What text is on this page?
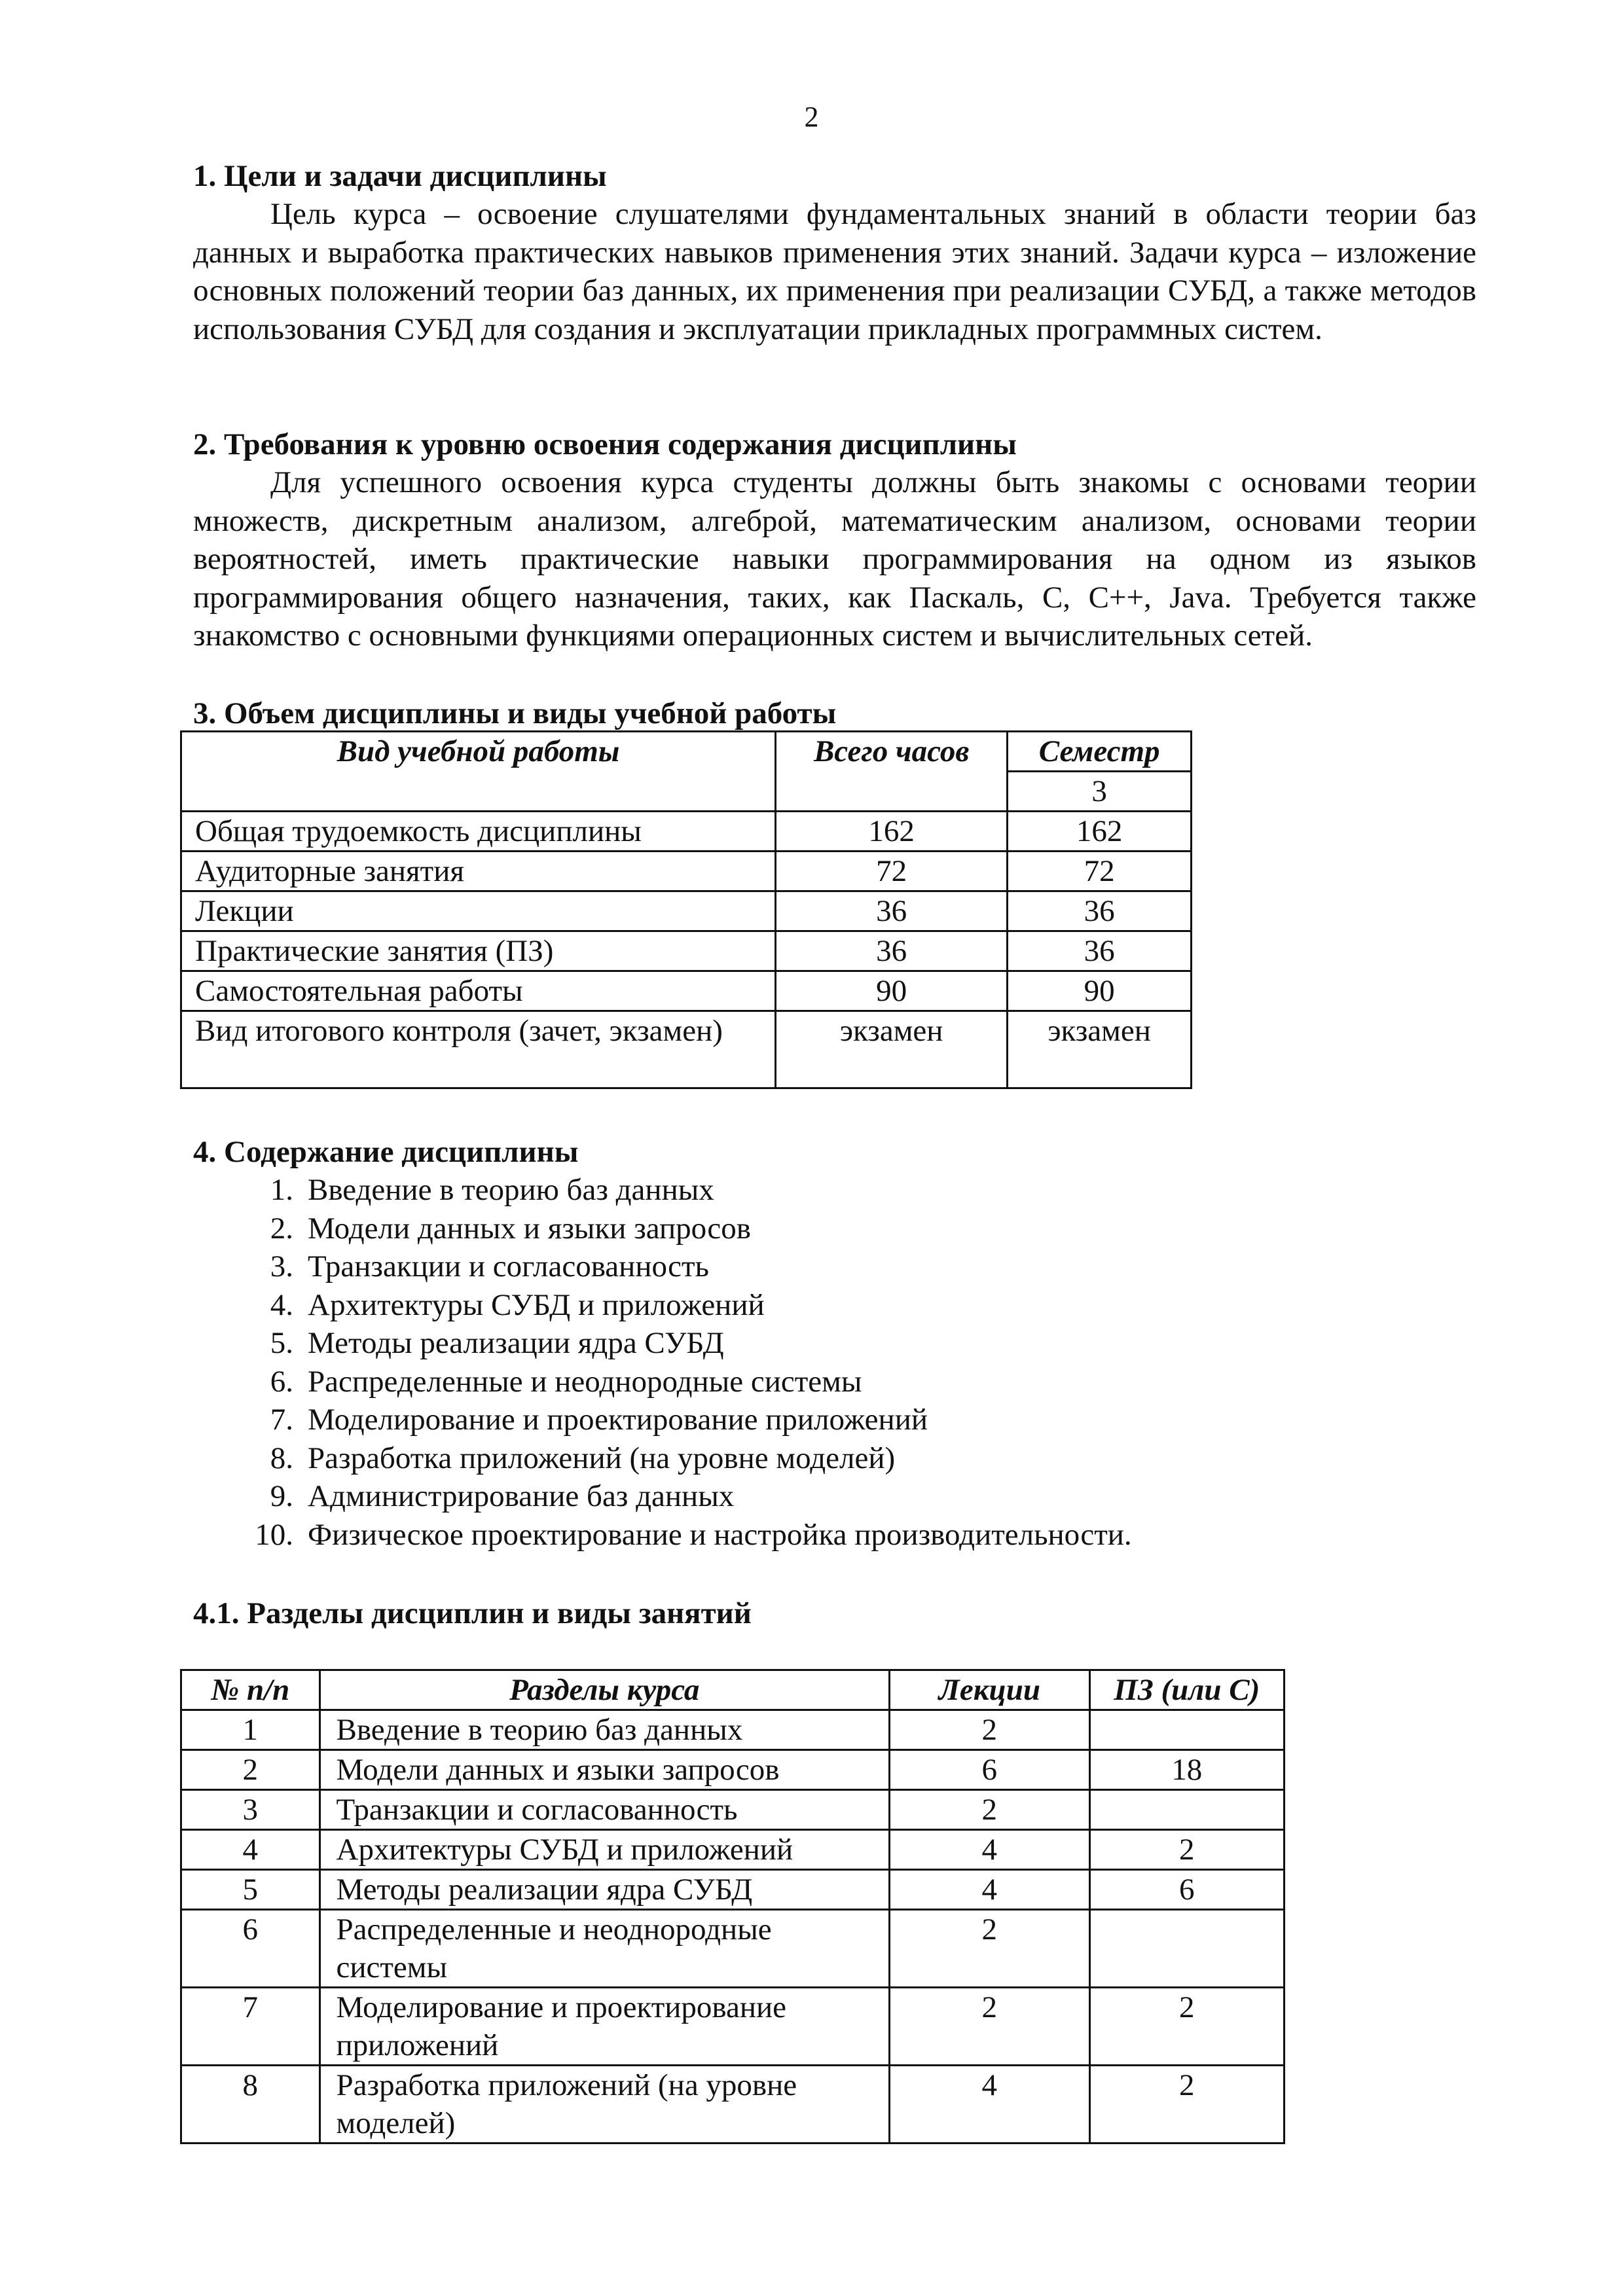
2
1. Цели и задачи дисциплины

Цель курса – освоение слушателями фундаментальных знаний в области теории баз данных и выработка практических навыков применения этих знаний. Задачи курса – изложение основных положений теории баз данных, их применения при реализации СУБД, а также методов использования СУБД для создания и эксплуатации прикладных программных систем.

2. Требования к уровню освоения содержания дисциплины

Для успешного освоения курса студенты должны быть знакомы с основами теории множеств, дискретным анализом, алгеброй, математическим анализом, основами теории вероятностей, иметь практические навыки программирования на одном из языков программирования общего назначения, таких, как Паскаль, C, C++, Java. Требуется также знакомство с основными функциями операционных систем и вычислительных сетей.

3. Объем дисциплины и виды учебной работы
Вид учебной работы	Всего часов	Семестр
		3
Общая трудоемкость дисциплины	162	162
Аудиторные занятия	72	72
Лекции	36	36
Практические занятия (ПЗ)	36	36
Самостоятельная работы	90	90
Вид итогового контроля (зачет, экзамен)	экзамен	экзамен
4. Содержание дисциплины
1. Введение в теорию баз данных
2. Модели данных и языки запросов
3. Транзакции и согласованность
4. Архитектуры СУБД и приложений
5. Методы реализации ядра СУБД
6. Распределенные и неоднородные системы
7. Моделирование и проектирование приложений
8. Разработка приложений (на уровне моделей)
9. Администрирование баз данных
10. Физическое проектирование и настройка производительности.
4.1. Разделы дисциплин и виды занятий
№ п/п	Разделы курса	Лекции	ПЗ (или С)
1	Введение в теорию баз данных	2	
2	Модели данных и языки запросов	6	18
3	Транзакции и согласованность	2	
4	Архитектуры СУБД и приложений	4	2
5	Методы реализации ядра СУБД	4	6
6	Распределенные и неоднородные системы	2	
7	Моделирование и проектирование приложений	2	2
8	Разработка приложений (на уровне моделей)	4	2
